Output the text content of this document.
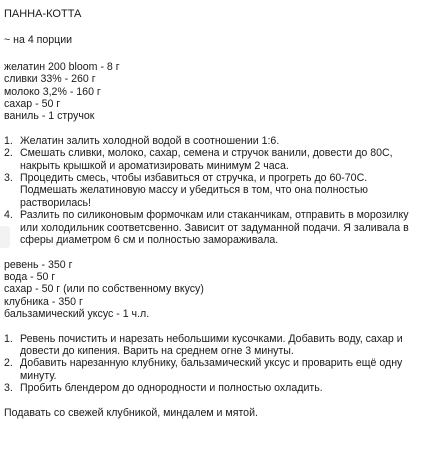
ПАННА-КОТТА
~ на 4 порции
желатин 200 bloom - 8 г
сливки 33% - 260 г
молоко 3,2% - 160 г
сахар - 50 г
ваниль - 1 стручок
1. Желатин залить холодной водой в соотношении 1:6.
2. Смешать сливки, молоко, сахар, семена и стручок ванили, довести до 80С,
накрыть крышкой и ароматизировать минимум 2 часа.
3. Процедить смесь, чтобы избавиться от стручка, и прогреть до 60-70С.
Подмешать желатиновую массу и убедиться в том, что она полностью
растворилась!
4. Разлить по силиконовым формочкам или стаканчикам, отправить в морозилку
или холодильник соответсвенно. Зависит от задуманной подачи. Я заливала в
сферы диаметром 6 см и полностью замораживала.
ревень - 350 г
вода - 50 г
сахар - 50 г (или по собственному вкусу)
клубника - 350 г
бальзамический уксус - 1 ч.л.
1. Ревень почистить и нарезать небольшими кусочками. Добавить воду, сахар и
довести до кипения. Варить на среднем огне 3 минуты.
2. Добавить нарезанную клубнику, бальзамический уксус и проварить ещё одну
минуту.
3. Пробить блендером до однородности и полностью охладить.
Подавать со свежей клубникой, миндалем и мятой.
